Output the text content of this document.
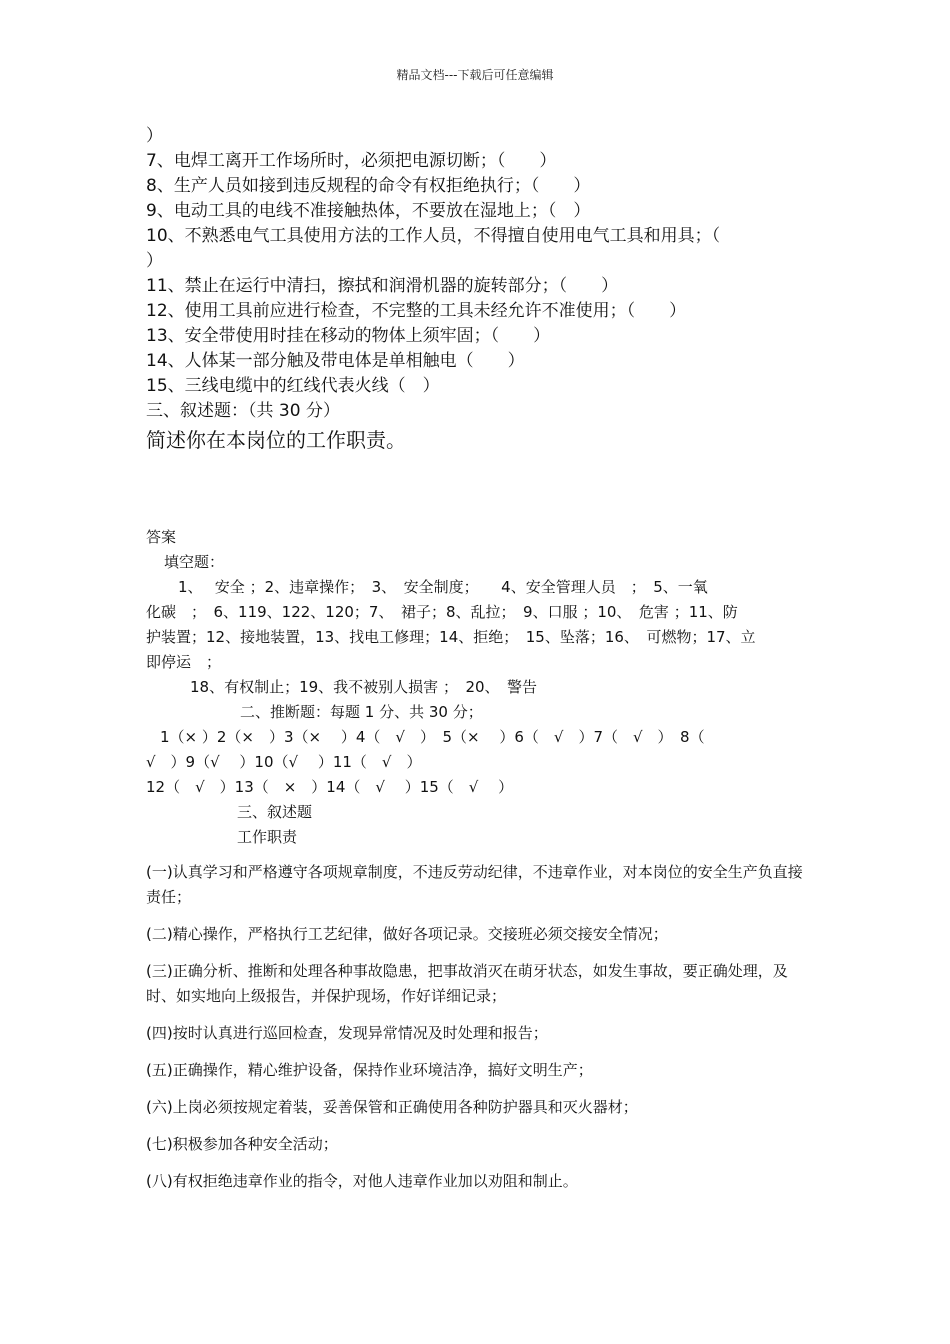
精品文档---下载后可任意编辑
）
7、电焊工离开工作场所时，必须把电源切断；（　　）
8、生产人员如接到违反规程的命令有权拒绝执行；（　　）
9、电动工具的电线不准接触热体，不要放在湿地上；（　）
10、不熟悉电气工具使用方法的工作人员，不得擅自使用电气工具和用具；（
）
11、禁止在运行中清扫，擦拭和润滑机器的旋转部分；（　　）
12、使用工具前应进行检查，不完整的工具未经允许不准使用；（　　）
13、安全带使用时挂在移动的物体上须牢固；（　　）
14、人体某一部分触及带电体是单相触电（　　）
15、三线电缆中的红线代表火线（　）
三、叙述题：（共 30 分）
简述你在本岗位的工作职责。
答案
填空题：
1、　 安全 ；2、违章操作；　3、　安全制度；　　4、安全管理人员　；　5、一氧
化碳　；　6、119、122、120；7、　裙子；8、乱拉；　9、口服 ；10、　危害 ；11、防
护装置；12、接地装置，13、找电工修理；14、拒绝；　15、坠落；16、　可燃物；17、立
即停运　；
18、有权制止；19、我不被别人损害 ；　20、　警告
二、推断题：每题 1 分、共 30 分；
1（× ）2（×　）3（×　 ）4（　√　）　5（×　 ）6（　√　）7（　√　）　8（
√　）9（√　 ）10（√　 ）11（　√　）
12（　√　）13（　×　）14（　√　 ）15（　√　 ）
三、叙述题
工作职责
(一)认真学习和严格遵守各项规章制度，不违反劳动纪律，不违章作业，对本岗位的安全生产负直接责任；
(二)精心操作，严格执行工艺纪律，做好各项记录。交接班必须交接安全情况；
(三)正确分析、推断和处理各种事故隐患，把事故消灭在萌牙状态，如发生事故，要正确处理，及时、如实地向上级报告，并保护现场，作好详细记录；
(四)按时认真进行巡回检查，发现异常情况及时处理和报告；
(五)正确操作，精心维护设备，保持作业环境洁净，搞好文明生产；
(六)上岗必须按规定着装，妥善保管和正确使用各种防护器具和灭火器材；
(七)积极参加各种安全活动；
(八)有权拒绝违章作业的指令，对他人违章作业加以劝阻和制止。
